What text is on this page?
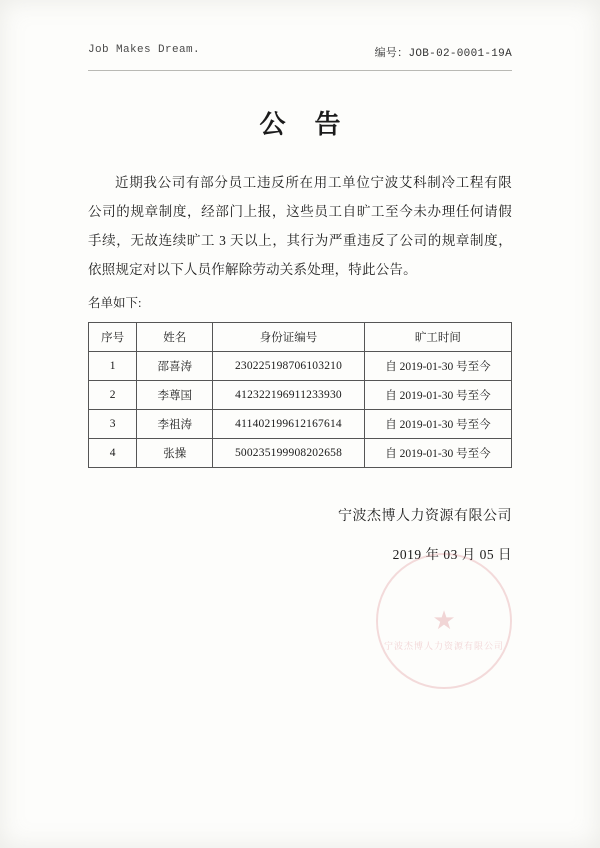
Job Makes Dream.	编号：JOB-02-0001-19A
公 告
近期我公司有部分员工违反所在用工单位宁波艾科制冷工程有限公司的规章制度，经部门上报，这些员工自旷工至今未办理任何请假手续，无故连续旷工 3 天以上，其行为严重违反了公司的规章制度，依照规定对以下人员作解除劳动关系处理，特此公告。
名单如下:
序号	姓名	身份证编号	旷工时间
1	邵喜涛	230225198706103210	自 2019-01-30 号至今
2	李尊国	412322196911233930	自 2019-01-30 号至今
3	李祖涛	411402199612167614	自 2019-01-30 号至今
4	张操	500235199908202658	自 2019-01-30 号至今
宁波杰博人力资源有限公司
2019 年 03 月 05 日
★
宁波杰博人力资源有限公司
